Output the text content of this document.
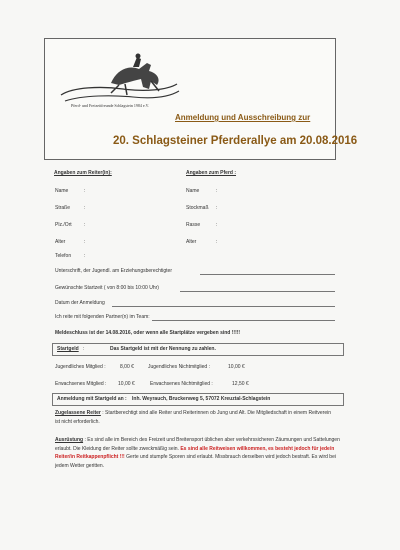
Pferd- und Freizeitfreunde Schlagstein 1984 e.V.
Anmeldung und Ausschreibung zur
20. Schlagsteiner Pferderallye am 20.08.2016
Angaben zum Reiter(in):	Angaben zum Pferd :
Name	:
Straße	:
Plz./Ort :
Alter	:
Telefon	:
Name	:
Stockmaß :
Rasse	:
Alter	:
Unterschrift, der Jugendl. am Erziehungsberechtigter
Gewünschte Startzeit ( von 8:00 bis 10:00 Uhr)
Datum der Anmeldung
Ich reite mit folgenden Partner(n) im Team:
Meldeschluss ist der 14.08.2016, oder wenn alle Startplätze vergeben sind !!!!!
Startgeld :	Das Startgeld ist mit der Nennung zu zahlen.
Jugendliches Mitglied :	8,00 €	Jugendliches Nichtmitglied :	10,00 €
Erwachsenes Mitglied : 10,00 €	Erwachsenes Nichtmitglied :	12,50 €
Anmeldung mit Startgeld an : Inh. Weyrauch, Bruckenweg 5, 57072 Kreuztal-Schlagstein
Zugelassene Reiter : Startberechtigt sind alle Reiter und Reiterinnen ob Jung und Alt. Die Mitgliedschaft in einem Reitverein ist nicht erforderlich.
Ausrüstung : Es sind alle im Bereich des Freizeit und Breitensport üblichen aber verkehrssicheren Zäumungen und Sattelungen erlaubt. Die Kleidung der Reiter sollte zweckmäßig sein. Es sind alle Reitweisen willkommen, es besteht jedoch für jede/n Reiter/in Reitkappenpflicht !!! Gerte und stumpfe Sporen sind erlaubt. Missbrauch derselben wird jedoch bestraft. Es wird bei jedem Wetter geritten.
